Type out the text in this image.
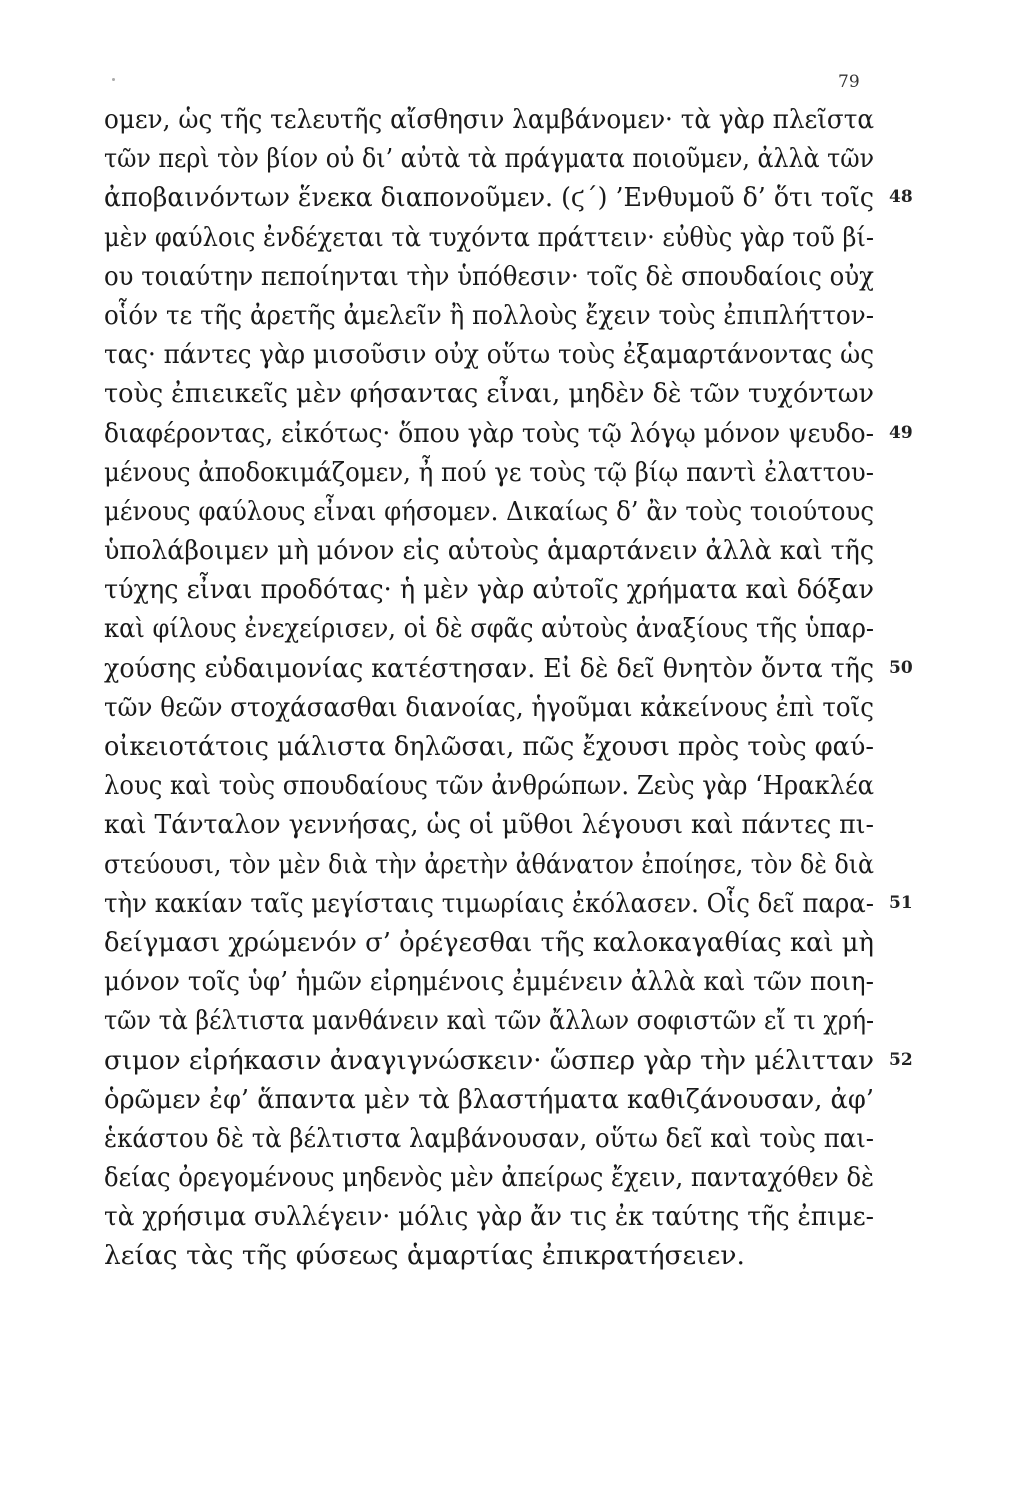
79
ομεν, ὡς τῆς τελευτῆς αἴσθησιν λαμβάνομεν· τὰ γὰρ πλεῖστα
τῶν περὶ τὸν βίον οὐ δι’ αὐτὰ τὰ πράγματα ποιοῦμεν, ἀλλὰ τῶν
ἀποβαινόντων ἕνεκα διαπονοῦμεν. (ϛ΄) ’Ενθυμοῦ δ’ ὅτι τοῖς 48
μὲν φαύλοις ἐνδέχεται τὰ τυχόντα πράττειν· εὐθὺς γὰρ τοῦ βί-
ου τοιαύτην πεποίηνται τὴν ὑπόθεσιν· τοῖς δὲ σπουδαίοις οὐχ
οἷόν τε τῆς ἀρετῆς ἀμελεῖν ἢ πολλοὺς ἔχειν τοὺς ἐπιπλήττον-
τας· πάντες γὰρ μισοῦσιν οὐχ οὕτω τοὺς ἐξαμαρτάνοντας ὡς
τοὺς ἐπιεικεῖς μὲν φήσαντας εἶναι, μηδὲν δὲ τῶν τυχόντων
διαφέροντας, εἰκότως· ὅπου γὰρ τοὺς τῷ λόγῳ μόνον ψευδο- 49
μένους ἀποδοκιμάζομεν, ἦ πού γε τοὺς τῷ βίῳ παντὶ ἐλαττου-
μένους φαύλους εἶναι φήσομεν. Δικαίως δ’ ἂν τοὺς τοιούτους
ὑπολάβοιμεν μὴ μόνον εἰς αὑτοὺς ἁμαρτάνειν ἀλλὰ καὶ τῆς
τύχης εἶναι προδότας· ἡ μὲν γὰρ αὐτοῖς χρήματα καὶ δόξαν
καὶ φίλους ἐνεχείρισεν, οἱ δὲ σφᾶς αὐτοὺς ἀναξίους τῆς ὑπαρ-
χούσης εὐδαιμονίας κατέστησαν. Εἰ δὲ δεῖ θνητὸν ὄντα τῆς 50
τῶν θεῶν στοχάσασθαι διανοίας, ἡγοῦμαι κἀκείνους ἐπὶ τοῖς
οἰκειοτάτοις μάλιστα δηλῶσαι, πῶς ἔχουσι πρὸς τοὺς φαύ-
λους καὶ τοὺς σπουδαίους τῶν ἀνθρώπων. Ζεὺς γὰρ ‘Ηρακλέα
καὶ Τάνταλον γεννήσας, ὡς οἱ μῦθοι λέγουσι καὶ πάντες πι-
στεύουσι, τὸν μὲν διὰ τὴν ἀρετὴν ἀθάνατον ἐποίησε, τὸν δὲ διὰ
τὴν κακίαν ταῖς μεγίσταις τιμωρίαις ἐκόλασεν. Οἷς δεῖ παρα- 51
δείγμασι χρώμενόν σ’ ὀρέγεσθαι τῆς καλοκαγαθίας καὶ μὴ
μόνον τοῖς ὑφ’ ἡμῶν εἰρημένοις ἐμμένειν ἀλλὰ καὶ τῶν ποιη-
τῶν τὰ βέλτιστα μανθάνειν καὶ τῶν ἄλλων σοφιστῶν εἴ τι χρή-
σιμον εἰρήκασιν ἀναγιγνώσκειν· ὥσπερ γὰρ τὴν μέλιτταν 52
ὁρῶμεν ἐφ’ ἅπαντα μὲν τὰ βλαστήματα καθιζάνουσαν, ἀφ’
ἑκάστου δὲ τὰ βέλτιστα λαμβάνουσαν, οὕτω δεῖ καὶ τοὺς παι-
δείας ὀρεγομένους μηδενὸς μὲν ἀπείρως ἔχειν, πανταχόθεν δὲ
τὰ χρήσιμα συλλέγειν· μόλις γὰρ ἄν τις ἐκ ταύτης τῆς ἐπιμε-
λείας τὰς τῆς φύσεως ἁμαρτίας ἐπικρατήσειεν.
